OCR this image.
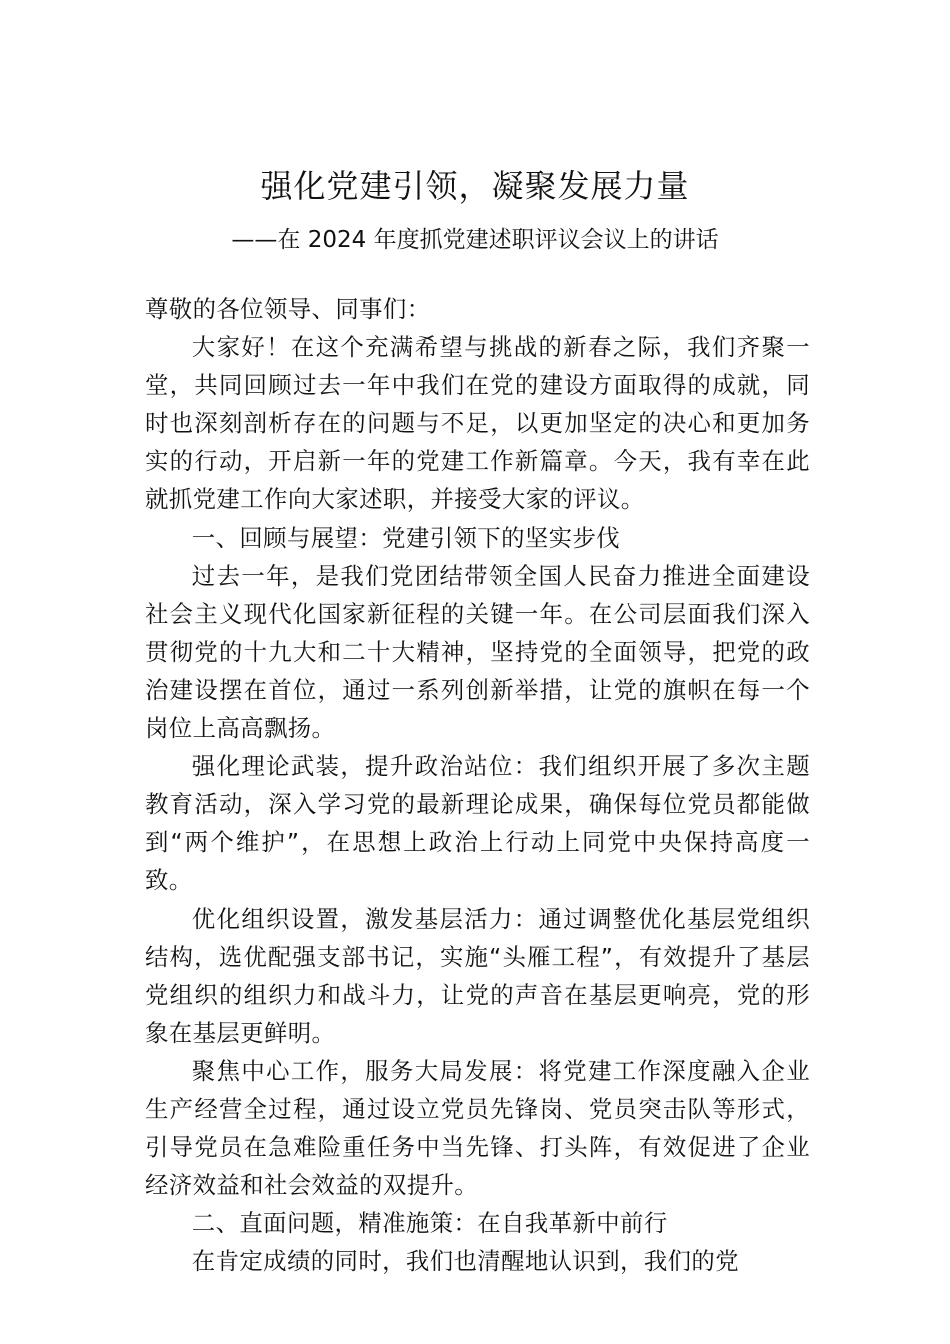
强化党建引领，凝聚发展力量
——在 2024 年度抓党建述职评议会议上的讲话

尊敬的各位领导、同事们：

大家好！在这个充满希望与挑战的新春之际，我们齐聚一堂，共同回顾过去一年中我们在党的建设方面取得的成就，同时也深刻剖析存在的问题与不足，以更加坚定的决心和更加务实的行动，开启新一年的党建工作新篇章。今天，我有幸在此就抓党建工作向大家述职，并接受大家的评议。

一、回顾与展望：党建引领下的坚实步伐

过去一年，是我们党团结带领全国人民奋力推进全面建设社会主义现代化国家新征程的关键一年。在公司层面我们深入贯彻党的十九大和二十大精神，坚持党的全面领导，把党的政治建设摆在首位，通过一系列创新举措，让党的旗帜在每一个岗位上高高飘扬。

强化理论武装，提升政治站位：我们组织开展了多次主题教育活动，深入学习党的最新理论成果，确保每位党员都能做到“两个维护”，在思想上政治上行动上同党中央保持高度一致。

优化组织设置，激发基层活力：通过调整优化基层党组织结构，选优配强支部书记，实施“头雁工程”，有效提升了基层党组织的组织力和战斗力，让党的声音在基层更响亮，党的形象在基层更鲜明。

聚焦中心工作，服务大局发展：将党建工作深度融入企业生产经营全过程，通过设立党员先锋岗、党员突击队等形式，引导党员在急难险重任务中当先锋、打头阵，有效促进了企业经济效益和社会效益的双提升。

二、直面问题，精准施策：在自我革新中前行

在肯定成绩的同时，我们也清醒地认识到，我们的党
